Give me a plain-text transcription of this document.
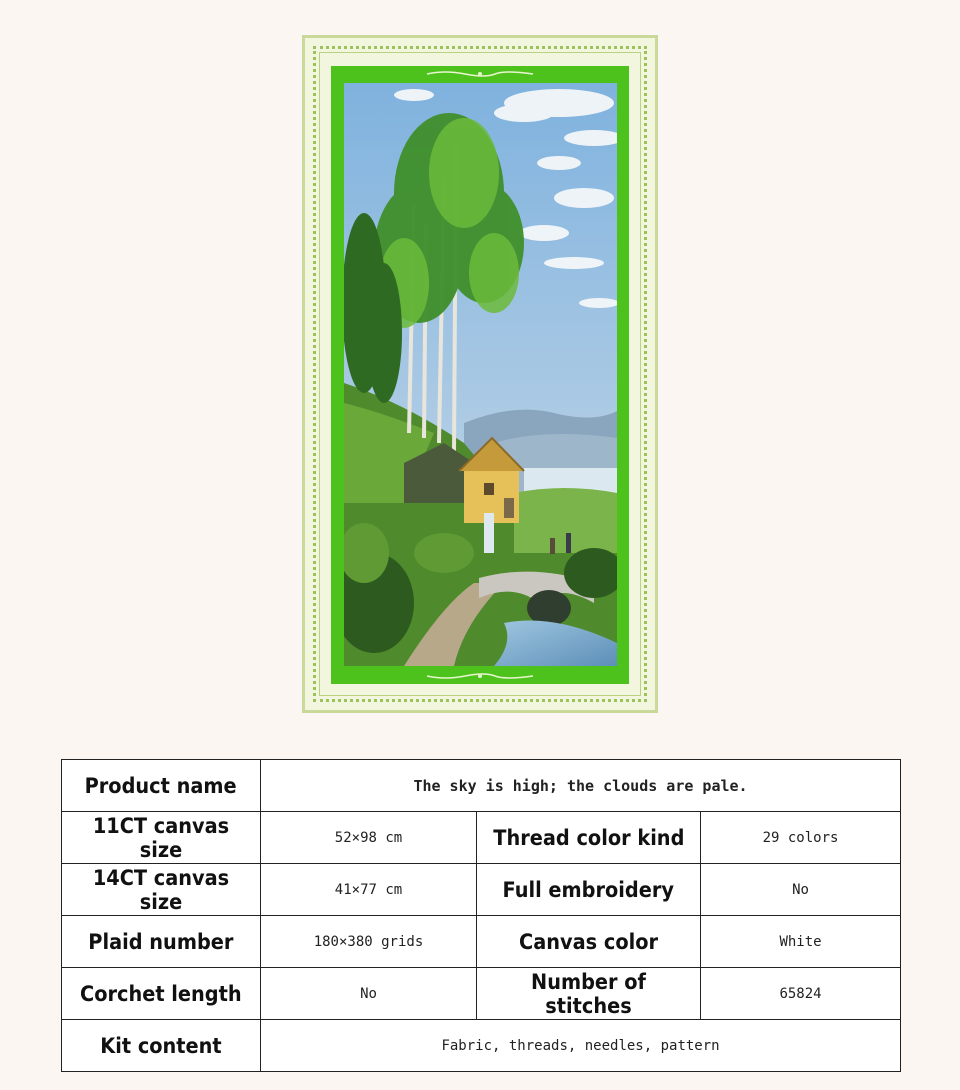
Product name	The sky is high; the clouds are pale.		
11CT canvas size	52×98 cm	Thread color kind	29 colors
14CT canvas size	41×77 cm	Full embroidery	No
Plaid number	180×380 grids	Canvas color	White
Corchet length	No	Number of stitches	65824
Kit content	Fabric, threads, needles, pattern		
